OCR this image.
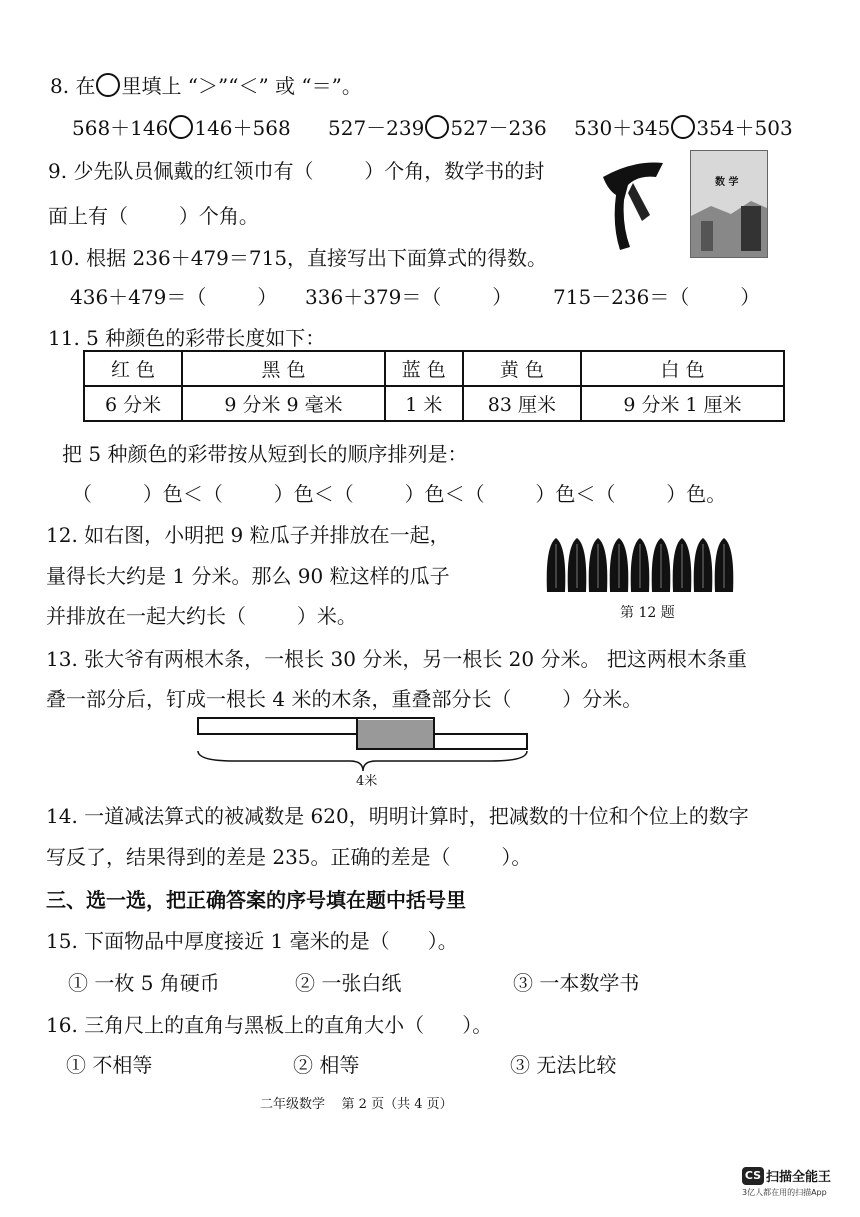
8. 在 里填上 “＞”“＜” 或 “＝”。
568＋146 146＋568 527－239 527－236 530＋345 354＋503
9. 少先队员佩戴的红领巾有（        ）个角，数学书的封
面上有（        ）个角。
数 学
10. 根据 236＋479＝715，直接写出下面算式的得数。
436＋479＝（        ） 336＋379＝（        ） 715－236＝（        ）
11. 5 种颜色的彩带长度如下：
红 色	黑 色	蓝 色	黄 色	白 色
6 分米	9 分米 9 毫米	1 米	83 厘米	9 分米 1 厘米
把 5 种颜色的彩带按从短到长的顺序排列是：
（        ）色＜（        ）色＜（        ）色＜（        ）色＜（        ）色。
12. 如右图，小明把 9 粒瓜子并排放在一起，
量得长大约是 1 分米。那么 90 粒这样的瓜子
并排放在一起大约长（        ）米。	第 12 题
13. 张大爷有两根木条，一根长 30 分米，另一根长 20 分米。 把这两根木条重
叠一部分后，钉成一根长 4 米的木条，重叠部分长（        ）分米。
4米
14. 一道减法算式的被减数是 620，明明计算时，把减数的十位和个位上的数字
写反了，结果得到的差是 235。正确的差是（        ）。
三、选一选，把正确答案的序号填在题中括号里
15. 下面物品中厚度接近 1 毫米的是（      ）。
① 一枚 5 角硬币	② 一张白纸	③ 一本数学书
16. 三角尺上的直角与黑板上的直角大小（      ）。
① 不相等	② 相等	③ 无法比较
二年级数学    第 2 页（共 4 页）
CS 扫描全能王
3亿人都在用的扫描App
